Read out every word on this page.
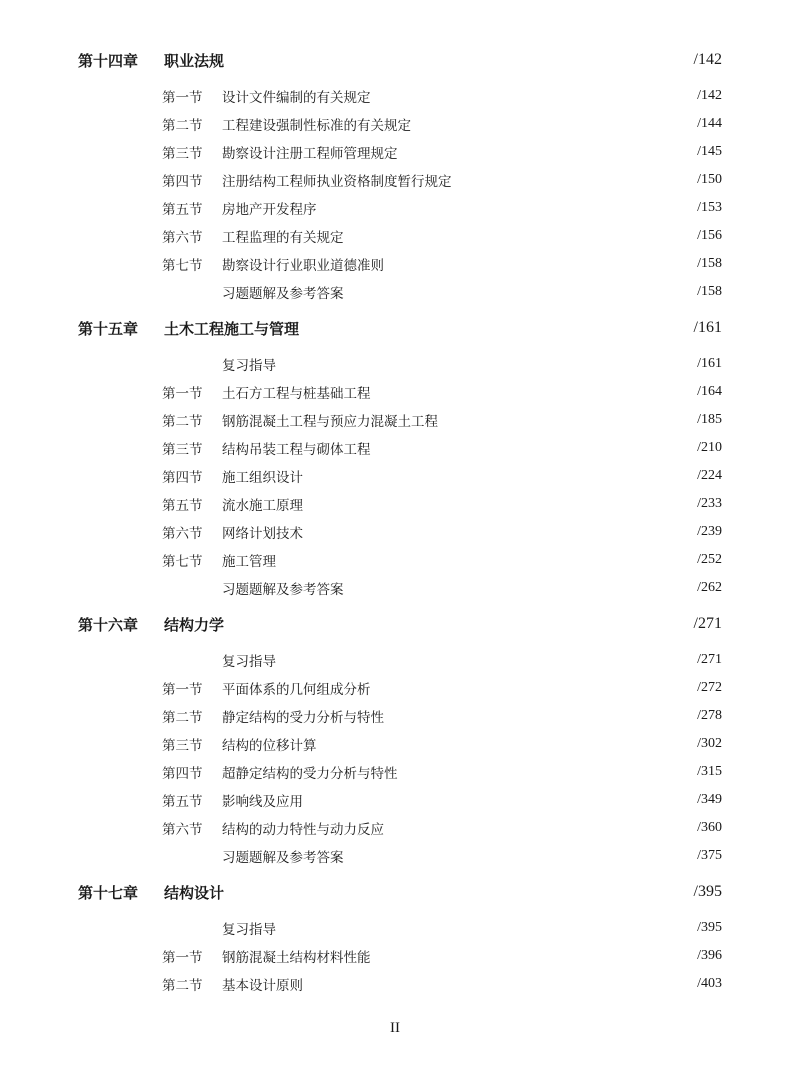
第十四章	职业法规	/142
第一节	设计文件编制的有关规定	/142
第二节	工程建设强制性标准的有关规定	/144
第三节	勘察设计注册工程师管理规定	/145
第四节	注册结构工程师执业资格制度暂行规定	/150
第五节	房地产开发程序	/153
第六节	工程监理的有关规定	/156
第七节	勘察设计行业职业道德准则	/158
习题题解及参考答案	/158
第十五章	土木工程施工与管理	/161
复习指导	/161
第一节	土石方工程与桩基础工程	/164
第二节	钢筋混凝土工程与预应力混凝土工程	/185
第三节	结构吊装工程与砌体工程	/210
第四节	施工组织设计	/224
第五节	流水施工原理	/233
第六节	网络计划技术	/239
第七节	施工管理	/252
习题题解及参考答案	/262
第十六章	结构力学	/271
复习指导	/271
第一节	平面体系的几何组成分析	/272
第二节	静定结构的受力分析与特性	/278
第三节	结构的位移计算	/302
第四节	超静定结构的受力分析与特性	/315
第五节	影响线及应用	/349
第六节	结构的动力特性与动力反应	/360
习题题解及参考答案	/375
第十七章	结构设计	/395
复习指导	/395
第一节	钢筋混凝土结构材料性能	/396
第二节	基本设计原则	/403
II
